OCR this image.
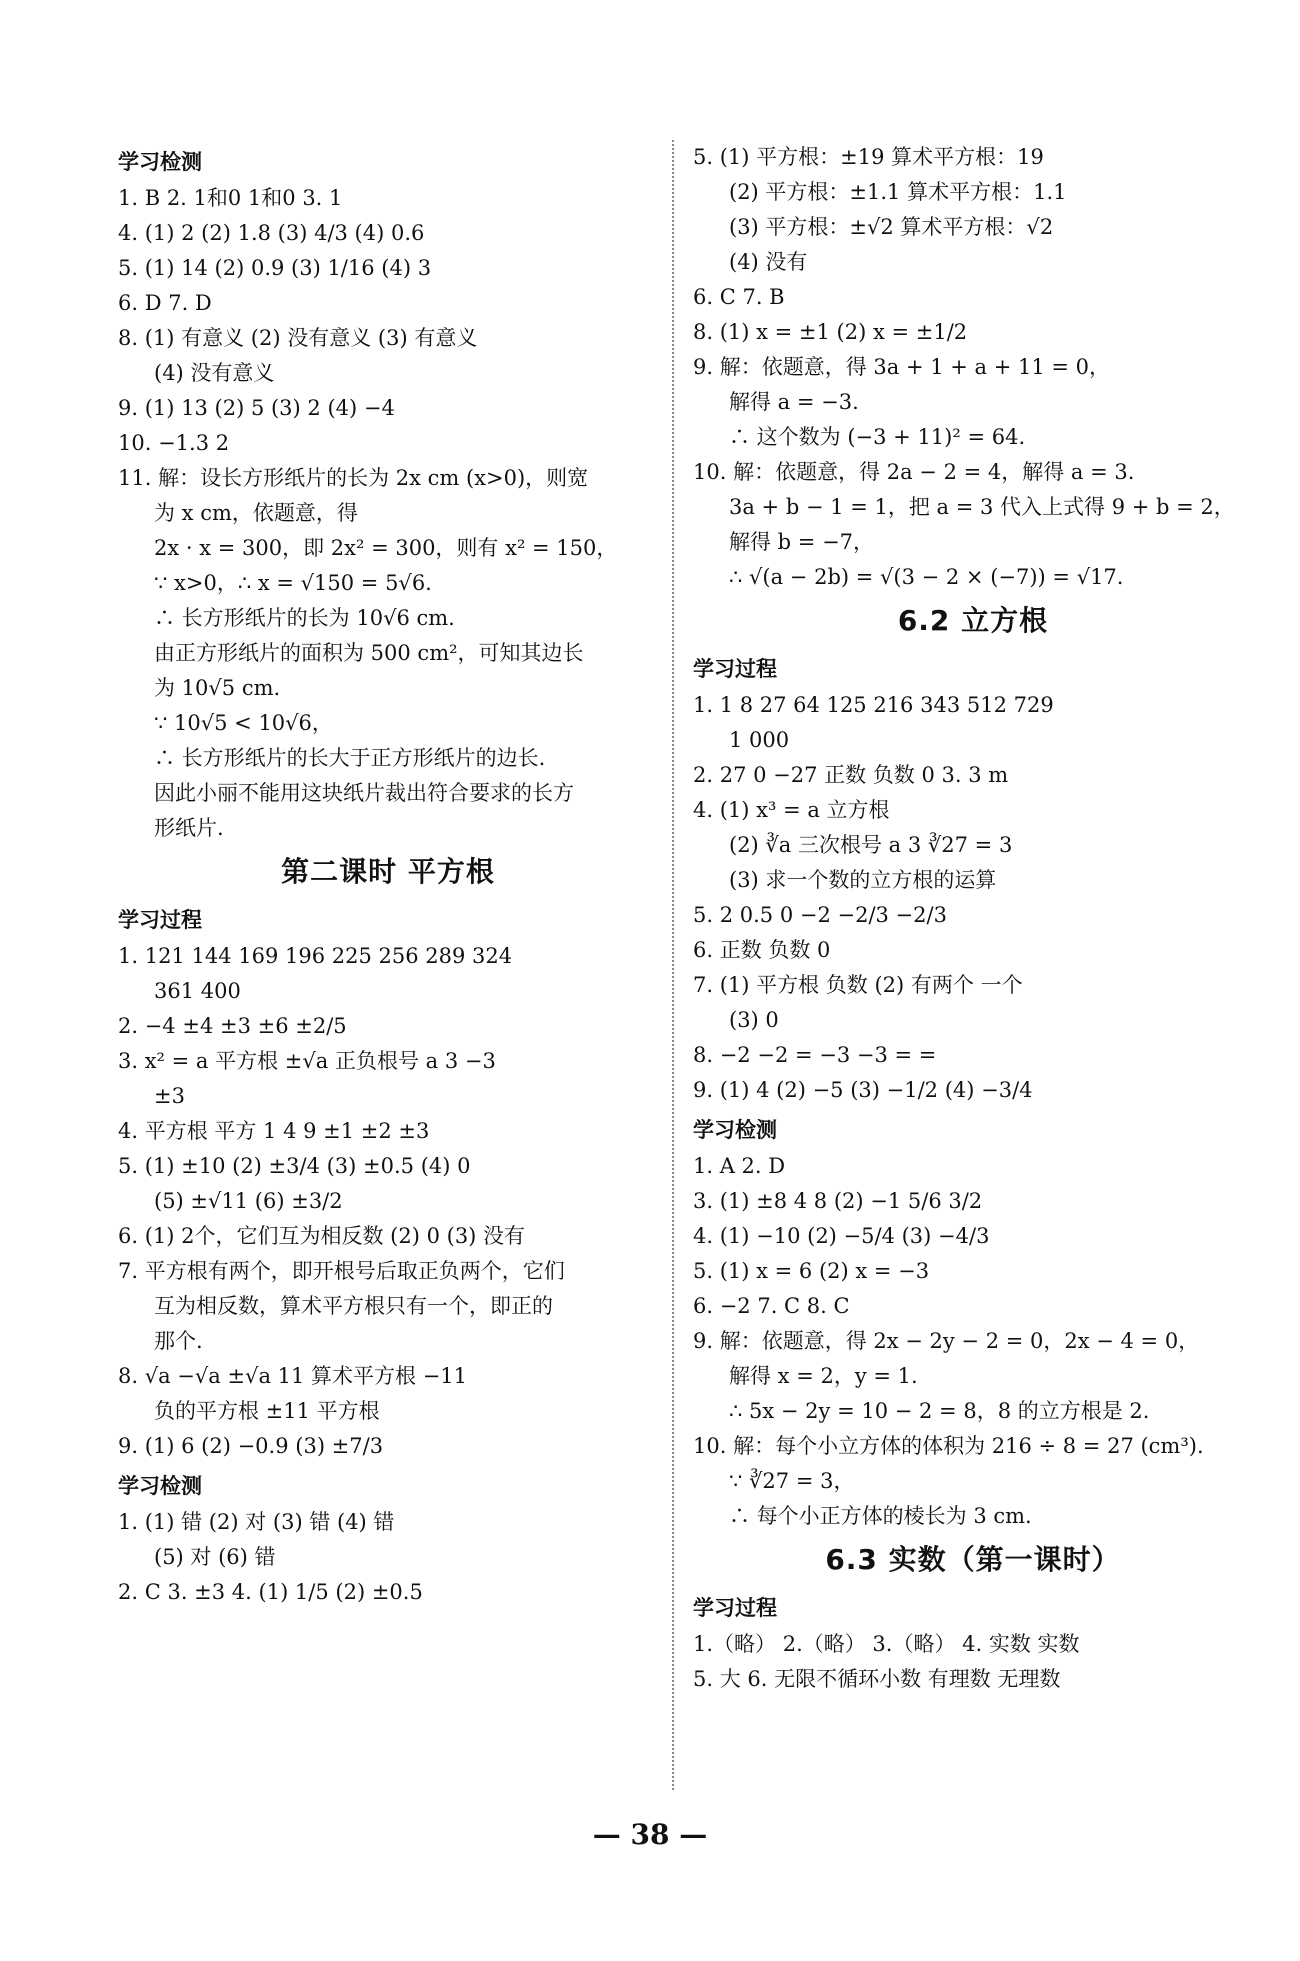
学习检测
1. B 2. 1和0 1和0 3. 1
4. (1) 2 (2) 1.8 (3) 4/3 (4) 0.6
5. (1) 14 (2) 0.9 (3) 1/16 (4) 3
6. D 7. D
8. (1) 有意义 (2) 没有意义 (3) 有意义
(4) 没有意义
9. (1) 13 (2) 5 (3) 2 (4) −4
10. −1.3 2
11. 解：设长方形纸片的长为 2x cm (x>0)，则宽
为 x cm，依题意，得
2x · x = 300，即 2x² = 300，则有 x² = 150，
∵ x>0，∴ x = √150 = 5√6.
∴ 长方形纸片的长为 10√6 cm.
由正方形纸片的面积为 500 cm²，可知其边长
为 10√5 cm.
∵ 10√5 < 10√6，
∴ 长方形纸片的长大于正方形纸片的边长.
因此小丽不能用这块纸片裁出符合要求的长方
形纸片.
第二课时 平方根
学习过程
1. 121 144 169 196 225 256 289 324
361 400
2. −4 ±4 ±3 ±6 ±2/5
3. x² = a 平方根 ±√a 正负根号 a 3 −3
±3
4. 平方根 平方 1 4 9 ±1 ±2 ±3
5. (1) ±10 (2) ±3/4 (3) ±0.5 (4) 0
(5) ±√11 (6) ±3/2
6. (1) 2个，它们互为相反数 (2) 0 (3) 没有
7. 平方根有两个，即开根号后取正负两个，它们
互为相反数，算术平方根只有一个，即正的
那个.
8. √a −√a ±√a 11 算术平方根 −11
负的平方根 ±11 平方根
9. (1) 6 (2) −0.9 (3) ±7/3
学习检测
1. (1) 错 (2) 对 (3) 错 (4) 错
(5) 对 (6) 错
2. C 3. ±3 4. (1) 1/5 (2) ±0.5
5. (1) 平方根：±19 算术平方根：19
(2) 平方根：±1.1 算术平方根：1.1
(3) 平方根：±√2 算术平方根：√2
(4) 没有
6. C 7. B
8. (1) x = ±1 (2) x = ±1/2
9. 解：依题意，得 3a + 1 + a + 11 = 0，
解得 a = −3.
∴ 这个数为 (−3 + 11)² = 64.
10. 解：依题意，得 2a − 2 = 4，解得 a = 3.
3a + b − 1 = 1，把 a = 3 代入上式得 9 + b = 2，
解得 b = −7，
∴ √(a − 2b) = √(3 − 2 × (−7)) = √17.
6.2 立方根
学习过程
1. 1 8 27 64 125 216 343 512 729
1 000
2. 27 0 −27 正数 负数 0 3. 3 m
4. (1) x³ = a 立方根
(2) ∛a 三次根号 a 3 ∛27 = 3
(3) 求一个数的立方根的运算
5. 2 0.5 0 −2 −2/3 −2/3
6. 正数 负数 0
7. (1) 平方根 负数 (2) 有两个 一个
(3) 0
8. −2 −2 = −3 −3 = =
9. (1) 4 (2) −5 (3) −1/2 (4) −3/4
学习检测
1. A 2. D
3. (1) ±8 4 8 (2) −1 5/6 3/2
4. (1) −10 (2) −5/4 (3) −4/3
5. (1) x = 6 (2) x = −3
6. −2 7. C 8. C
9. 解：依题意，得 2x − 2y − 2 = 0，2x − 4 = 0，
解得 x = 2，y = 1.
∴ 5x − 2y = 10 − 2 = 8，8 的立方根是 2.
10. 解：每个小立方体的体积为 216 ÷ 8 = 27 (cm³).
∵ ∛27 = 3，
∴ 每个小正方体的棱长为 3 cm.
6.3 实数（第一课时）
学习过程
1.（略） 2.（略） 3.（略） 4. 实数 实数
5. 大 6. 无限不循环小数 有理数 无理数
— 38 —
